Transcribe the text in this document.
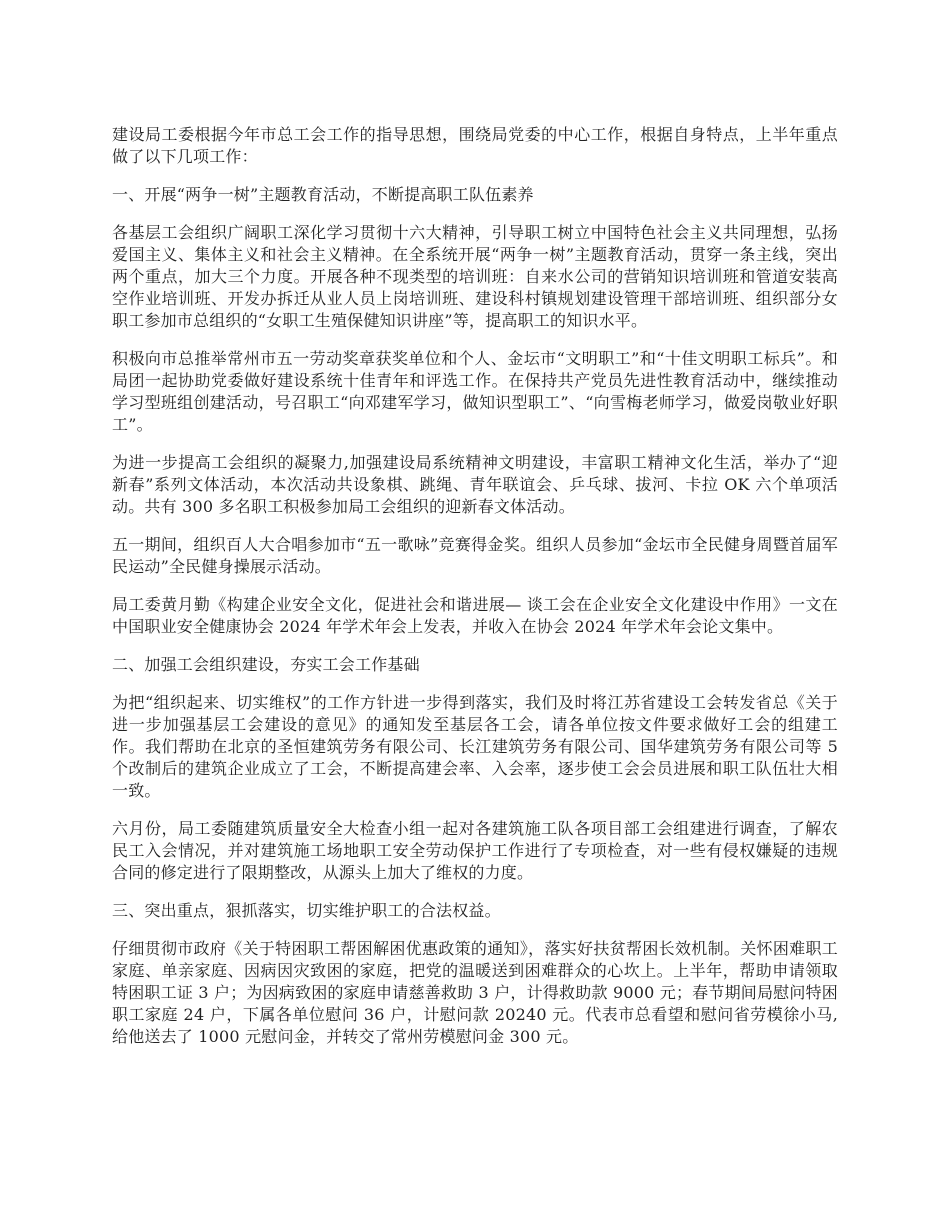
建设局工委根据今年市总工会工作的指导思想，围绕局党委的中心工作，根据自身特点，上半年重点做了以下几项工作：

一、开展“两争一树”主题教育活动，不断提高职工队伍素养

各基层工会组织广阔职工深化学习贯彻十六大精神，引导职工树立中国特色社会主义共同理想，弘扬爱国主义、集体主义和社会主义精神。在全系统开展“两争一树”主题教育活动，贯穿一条主线，突出两个重点，加大三个力度。开展各种不现类型的培训班：自来水公司的营销知识培训班和管道安装高空作业培训班、开发办拆迁从业人员上岗培训班、建设科村镇规划建设管理干部培训班、组织部分女职工参加市总组织的“女职工生殖保健知识讲座”等，提高职工的知识水平。

积极向市总推举常州市五一劳动奖章获奖单位和个人、金坛市“文明职工”和“十佳文明职工标兵”。和局团一起协助党委做好建设系统十佳青年和评选工作。在保持共产党员先进性教育活动中，继续推动学习型班组创建活动，号召职工“向邓建军学习，做知识型职工”、“向雪梅老师学习，做爱岗敬业好职工”。

为进一步提高工会组织的凝聚力,加强建设局系统精神文明建设，丰富职工精神文化生活，举办了“迎新春”系列文体活动，本次活动共设象棋、跳绳、青年联谊会、乒乓球、拔河、卡拉 OK 六个单项活动。共有 300 多名职工积极参加局工会组织的迎新春文体活动。

五一期间，组织百人大合唱参加市“五一歌咏”竞赛得金奖。组织人员参加“金坛市全民健身周暨首届军民运动”全民健身操展示活动。

局工委黄月勤《构建企业安全文化，促进社会和谐进展— 谈工会在企业安全文化建设中作用》一文在中国职业安全健康协会 2024 年学术年会上发表，并收入在协会 2024 年学术年会论文集中。

二、加强工会组织建设，夯实工会工作基础

为把“组织起来、切实维权”的工作方针进一步得到落实，我们及时将江苏省建设工会转发省总《关于进一步加强基层工会建设的意见》的通知发至基层各工会，请各单位按文件要求做好工会的组建工作。我们帮助在北京的圣恒建筑劳务有限公司、长江建筑劳务有限公司、国华建筑劳务有限公司等 5 个改制后的建筑企业成立了工会，不断提高建会率、入会率，逐步使工会会员进展和职工队伍壮大相一致。

六月份，局工委随建筑质量安全大检查小组一起对各建筑施工队各项目部工会组建进行调查，了解农民工入会情况，并对建筑施工场地职工安全劳动保护工作进行了专项检查，对一些有侵权嫌疑的违规合同的修定进行了限期整改，从源头上加大了维权的力度。

三、突出重点，狠抓落实，切实维护职工的合法权益。

仔细贯彻市政府《关于特困职工帮困解困优惠政策的通知》，落实好扶贫帮困长效机制。关怀困难职工家庭、单亲家庭、因病因灾致困的家庭，把党的温暖送到困难群众的心坎上。上半年，帮助申请领取特困职工证 3 户；为因病致困的家庭申请慈善救助 3 户，计得救助款 9000 元；春节期间局慰问特困职工家庭 24 户，下属各单位慰问 36 户，计慰问款 20240 元。代表市总看望和慰问省劳模徐小马,给他送去了 1000 元慰问金，并转交了常州劳模慰问金 300 元。
